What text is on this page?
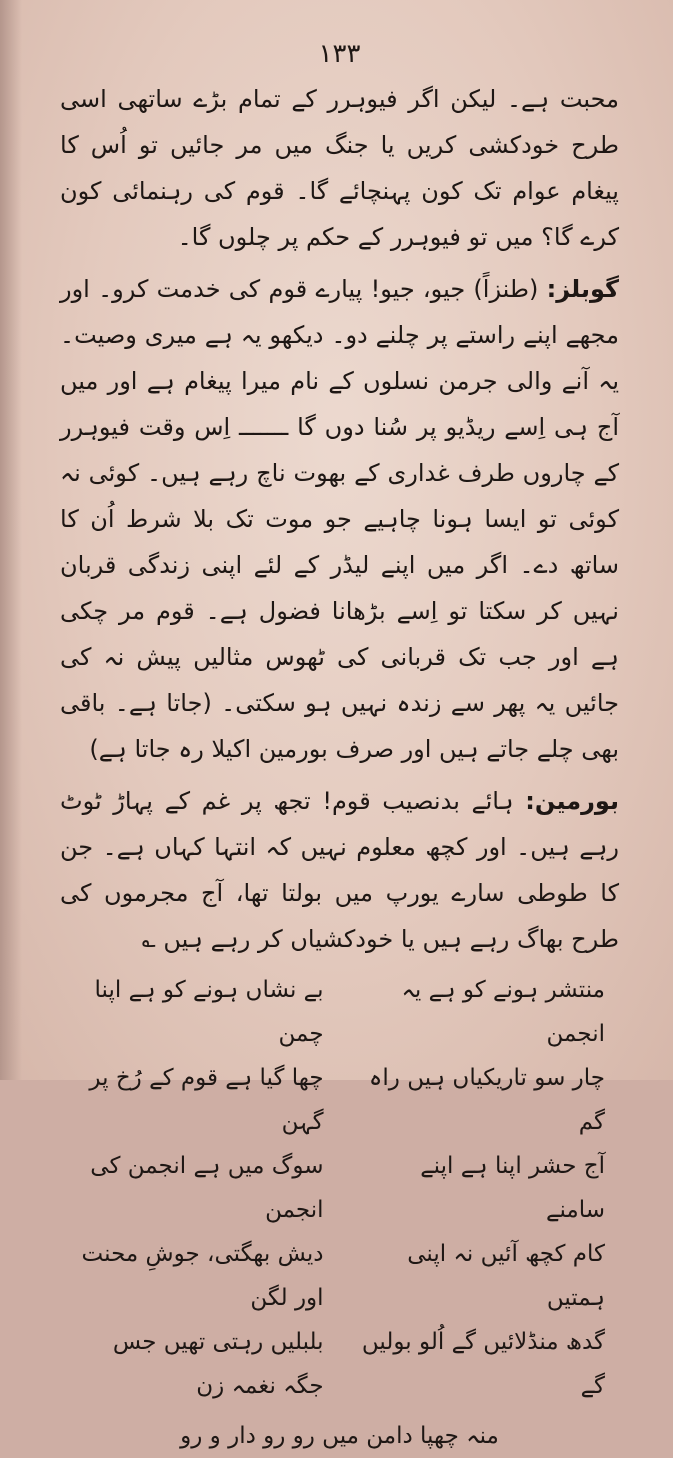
۱۳۳

محبت ہے۔ لیکن اگر فیوہرر کے تمام بڑے ساتھی اسی طرح خودکشی کریں یا جنگ میں مر جائیں تو اُس کا پیغام عوام تک کون پہنچائے گا۔ قوم کی رہنمائی کون کرے گا؟ میں تو فیوہرر کے حکم پر چلوں گا۔

گوبلز: (طنزاً) جیو، جیو! پیارے قوم کی خدمت کرو۔ اور مجھے اپنے راستے پر چلنے دو۔ دیکھو یہ ہے میری وصیت۔ یہ آنے والی جرمن نسلوں کے نام میرا پیغام ہے اور میں آج ہی اِسے ریڈیو پر سُنا دوں گا ـــــــ اِس وقت فیوہرر کے چاروں طرف غداری کے بھوت ناچ رہے ہیں۔ کوئی نہ کوئی تو ایسا ہونا چاہیے جو موت تک بلا شرط اُن کا ساتھ دے۔ اگر میں اپنے لیڈر کے لئے اپنی زندگی قربان نہیں کر سکتا تو اِسے بڑھانا فضول ہے۔ قوم مر چکی ہے اور جب تک قربانی کی ٹھوس مثالیں پیش نہ کی جائیں یہ پھر سے زندہ نہیں ہو سکتی۔ (جاتا ہے۔ باقی بھی چلے جاتے ہیں اور صرف بورمین اکیلا رہ جاتا ہے)

بورمین: ہائے بدنصیب قوم! تجھ پر غم کے پہاڑ ٹوٹ رہے ہیں۔ اور کچھ معلوم نہیں کہ انتہا کہاں ہے۔ جن کا طوطی سارے یورپ میں بولتا تھا، آج مجرموں کی طرح بھاگ رہے ہیں یا خودکشیاں کر رہے ہیں ؎

منتشر ہونے کو ہے یہ انجمن
بے نشاں ہونے کو ہے اپنا چمن
چار سو تاریکیاں ہیں راہ گم
چھا گیا ہے قوم کے رُخ پر گہن
آج حشر اپنا ہے اپنے سامنے
سوگ میں ہے انجمن کی انجمن
کام کچھ آئیں نہ اپنی ہمتیں
دیش بھگتی، جوشِ محنت اور لگن
گدھ منڈلائیں گے اُلو بولیں گے
بلبلیں رہتی تھیں جس جگہ نغمہ زن
منہ چھپا دامن میں رو رو دار و رو
